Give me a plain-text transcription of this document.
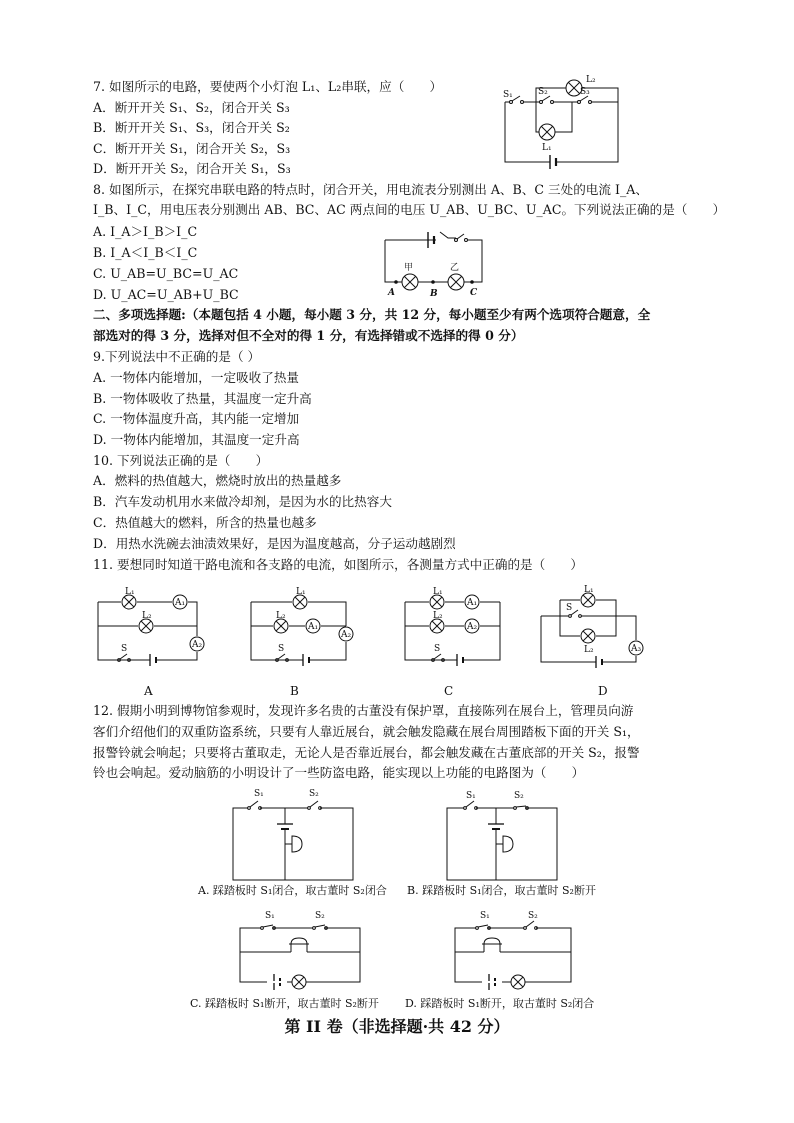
7. 如图所示的电路，要使两个小灯泡 L₁、L₂串联，应（　　）
A．断开开关 S₁、S₂，闭合开关 S₃
B．断开开关 S₁、S₃，闭合开关 S₂
C．断开开关 S₁，闭合开关 S₂，S₃
D．断开开关 S₂，闭合开关 S₁，S₃
L₂
L₁
S₁	S₂	S₃
8. 如图所示，在探究串联电路的特点时，闭合开关，用电流表分别测出 A、B、C 三处的电流 I_A、
I_B、I_C，用电压表分别测出 AB、BC、AC 两点间的电压 U_AB、U_BC、U_AC。下列说法正确的是（　　）
A. I_A＞I_B＞I_C
B. I_A＜I_B＜I_C
C. U_AB=U_BC=U_AC
D. U_AC=U_AB+U_BC
甲	乙
A	B	C
二、多项选择题:（本题包括 4 小题，每小题 3 分，共 12 分，每小题至少有两个选项符合题意，全
部选对的得 3 分，选择对但不全对的得 1 分，有选择错或不选择的得 0 分）
9.下列说法中不正确的是（ ）
A. 一物体内能增加，一定吸收了热量
B. 一物体吸收了热量，其温度一定升高
C. 一物体温度升高，其内能一定增加
D. 一物体内能增加，其温度一定升高
10. 下列说法正确的是（　　）
A．燃料的热值越大，燃烧时放出的热量越多
B．汽车发动机用水来做冷却剂，是因为水的比热容大
C．热值越大的燃料，所含的热量也越多
D．用热水洗碗去油渍效果好，是因为温度越高，分子运动越剧烈
11. 要想同时知道干路电流和各支路的电流，如图所示，各测量方式中正确的是（　　）
L₁
A₁
L₂
A₂
S
A
L₁
L₂
A₁
A₂
S
B
L₁
A₁
L₂
A₂
S
C
L₁
S
L₂	A₃
D
12. 假期小明到博物馆参观时，发现许多名贵的古董没有保护罩，直接陈列在展台上，管理员向游
客们介绍他们的双重防盗系统，只要有人靠近展台，就会触发隐藏在展台周围踏板下面的开关 S₁，
报警铃就会响起；只要将古董取走，无论人是否靠近展台，都会触发藏在古董底部的开关 S₂，报警
铃也会响起。爱动脑筋的小明设计了一些防盗电路，能实现以上功能的电路图为（　　）
S₁	S₂
A. 踩踏板时 S₁闭合，取古董时 S₂闭合
S₁	S₂
B. 踩踏板时 S₁闭合，取古董时 S₂断开
S₁	S₂
C. 踩踏板时 S₁断开，取古董时 S₂断开
S₁	S₂
D. 踩踏板时 S₁断开，取古董时 S₂闭合
第 II 卷（非选择题·共 42 分）
